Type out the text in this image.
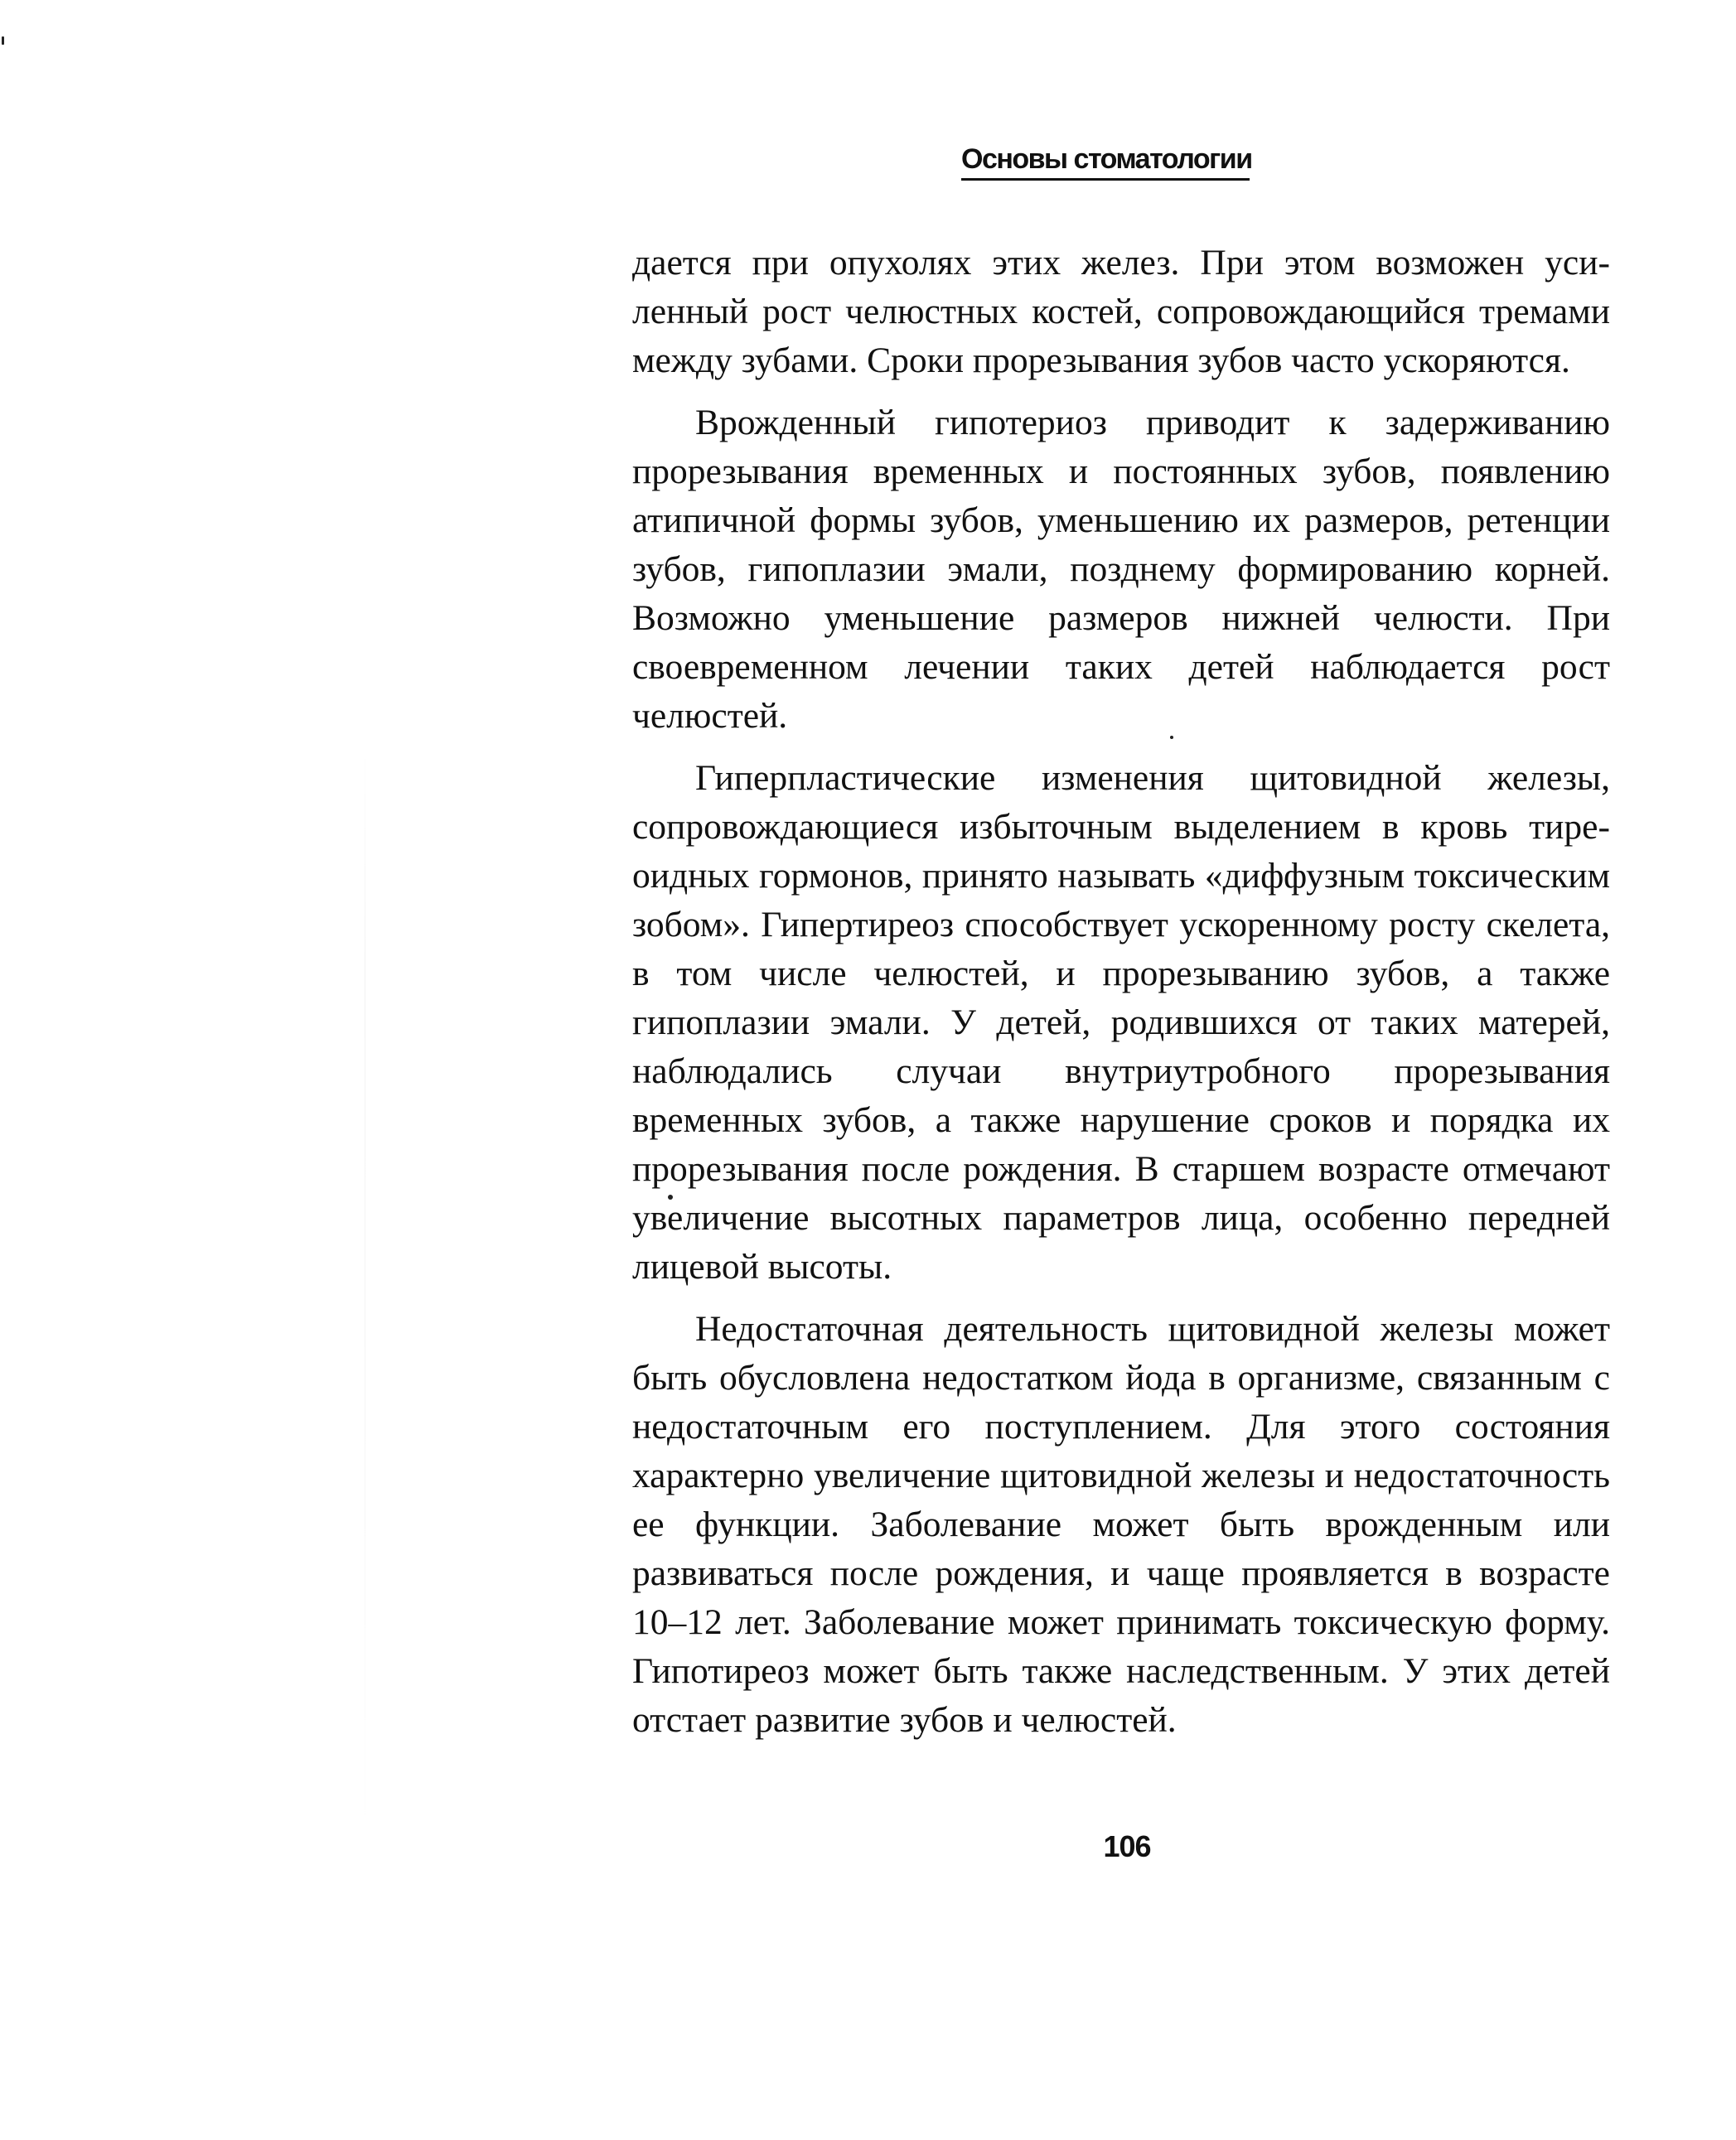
Основы стоматологии

дается при опухолях этих желез. При этом возможен усиленный рост челюстных костей, сопровождающийся тремами между зубами. Сроки прорезывания зубов часто ускоряются.

Врожденный гипотериоз приводит к задерживанию прорезывания временных и постоянных зубов, появлению атипичной формы зубов, уменьшению их размеров, ретенции зубов, гипоплазии эмали, позднему формированию корней. Возможно уменьшение размеров нижней челюсти. При своевременном лечении таких детей наблюдается рост челюстей.

Гиперпластические изменения щитовидной железы, сопровождающиеся избыточным выделением в кровь тиреоидных гормонов, принято называть «диффузным токсическим зобом». Гипертиреоз способствует ускоренному росту скелета, в том числе челюстей, и прорезыванию зубов, а также гипоплазии эмали. У детей, родившихся от таких матерей, наблюдались случаи внутриутробного прорезывания временных зубов, а также нарушение сроков и порядка их прорезывания после рождения. В старшем возрасте отмечают увеличение высотных параметров лица, особенно передней лицевой высоты.

Недостаточная деятельность щитовидной железы может быть обусловлена недостатком йода в организме, связанным с недостаточным его поступлением. Для этого состояния характерно увеличение щитовидной железы и недостаточность ее функции. Заболевание может быть врожденным или развиваться после рождения, и чаще проявляется в возрасте 10–12 лет. Заболевание может принимать токсическую форму. Гипотиреоз может быть также наследственным. У этих детей отстает развитие зубов и челюстей.

106
